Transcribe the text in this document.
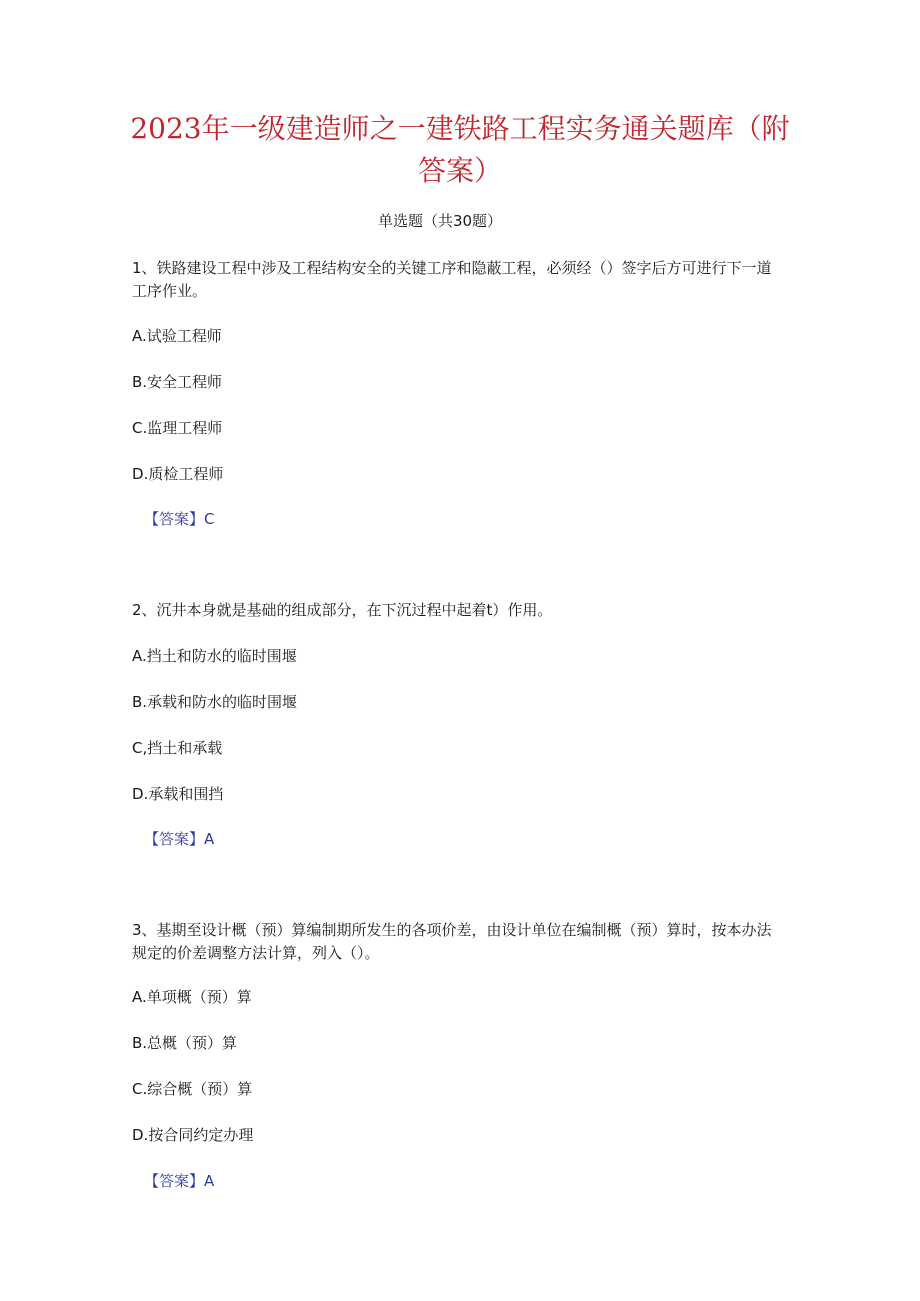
2023年一级建造师之一建铁路工程实务通关题库（附答案）
单选题（共30题）

1、铁路建设工程中涉及工程结构安全的关键工序和隐蔽工程，必须经（）签字后方可进行下一道工序作业。

A.试验工程师
B.安全工程师
C.监理工程师
D.质检工程师
【答案】C

2、沉井本身就是基础的组成部分，在下沉过程中起着t）作用。

A.挡土和防水的临时围堰
B.承载和防水的临时围堰
C,挡土和承载
D.承载和围挡
【答案】A

3、基期至设计概（预）算编制期所发生的各项价差，由设计单位在编制概（预）算时，按本办法规定的价差调整方法计算，列入（）。

A.单项概（预）算
B.总概（预）算
C.综合概（预）算
D.按合同约定办理
【答案】A
